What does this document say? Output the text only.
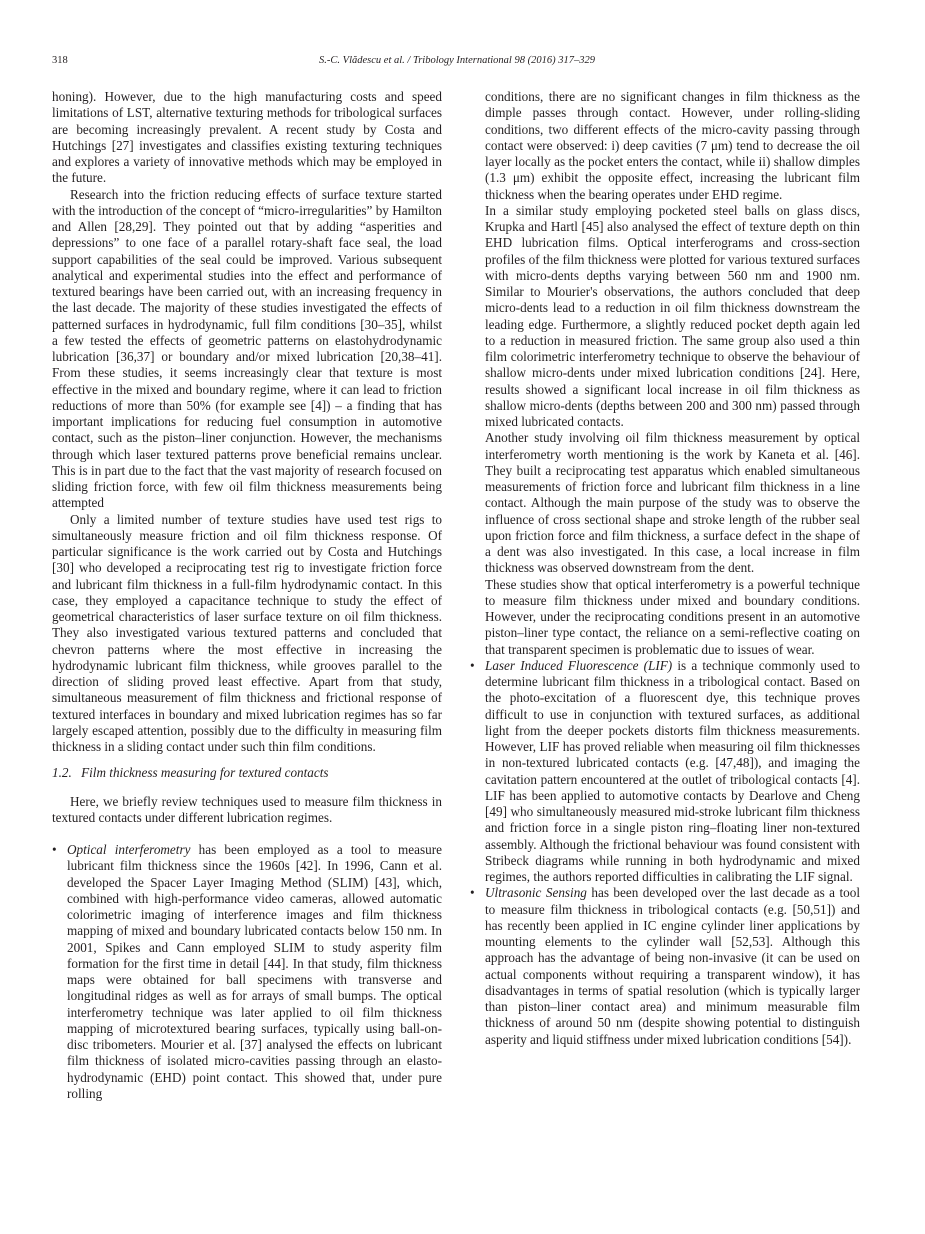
318	S.-C. Vlădescu et al. / Tribology International 98 (2016) 317–329

honing). However, due to the high manufacturing costs and speed limitations of LST, alternative texturing methods for tribological surfaces are becoming increasingly prevalent. A recent study by Costa and Hutchings [27] investigates and classifies existing texturing techniques and explores a variety of innovative methods which may be employed in the future.

Research into the friction reducing effects of surface texture started with the introduction of the concept of “micro-irregularities” by Hamilton and Allen [28,29]. They pointed out that by adding “asperities and depressions” to one face of a parallel rotary-shaft face seal, the load support capabilities of the seal could be improved. Various subsequent analytical and experimental studies into the effect and performance of textured bearings have been carried out, with an increasing frequency in the last decade. The majority of these studies investigated the effects of patterned surfaces in hydrodynamic, full film conditions [30–35], whilst a few tested the effects of geometric patterns on elastohydrodynamic lubrication [36,37] or boundary and/or mixed lubrication [20,38–41]. From these studies, it seems increasingly clear that texture is most effective in the mixed and boundary regime, where it can lead to friction reductions of more than 50% (for example see [4]) – a finding that has important implications for reducing fuel consumption in automotive contact, such as the piston–liner conjunction. However, the mechanisms through which laser textured patterns prove beneficial remains unclear. This is in part due to the fact that the vast majority of research focused on sliding friction force, with few oil film thickness measurements being attempted

Only a limited number of texture studies have used test rigs to simultaneously measure friction and oil film thickness response. Of particular significance is the work carried out by Costa and Hutchings [30] who developed a reciprocating test rig to investigate friction force and lubricant film thickness in a full-film hydrodynamic contact. In this case, they employed a capacitance technique to study the effect of geometrical characteristics of laser surface texture on oil film thickness. They also investigated various textured patterns and concluded that chevron patterns where the most effective in increasing the hydrodynamic lubricant film thickness, while grooves parallel to the direction of sliding proved least effective. Apart from that study, simultaneous measurement of film thickness and frictional response of textured interfaces in boundary and mixed lubrication regimes has so far largely escaped attention, possibly due to the difficulty in measuring film thickness in a sliding contact under such thin film conditions.

1.2. Film thickness measuring for textured contacts

Here, we briefly review techniques used to measure film thickness in textured contacts under different lubrication regimes.

• Optical interferometry has been employed as a tool to measure lubricant film thickness since the 1960s [42]. In 1996, Cann et al. developed the Spacer Layer Imaging Method (SLIM) [43], which, combined with high-performance video cameras, allowed automatic colorimetric imaging of interference images and film thickness mapping of mixed and boundary lubricated contacts below 150 nm. In 2001, Spikes and Cann employed SLIM to study asperity film formation for the first time in detail [44]. In that study, film thickness maps were obtained for ball specimens with transverse and longitudinal ridges as well as for arrays of small bumps. The optical interferometry technique was later applied to oil film thickness mapping of microtextured bearing surfaces, typically using ball-on-disc tribometers. Mourier et al. [37] analysed the effects on lubricant film thickness of isolated micro-cavities passing through an elasto-hydrodynamic (EHD) point contact. This showed that, under pure rolling

conditions, there are no significant changes in film thickness as the dimple passes through contact. However, under rolling-sliding conditions, two different effects of the micro-cavity passing through contact were observed: i) deep cavities (7 μm) tend to decrease the oil layer locally as the pocket enters the contact, while ii) shallow dimples (1.3 μm) exhibit the opposite effect, increasing the lubricant film thickness when the bearing operates under EHD regime.

In a similar study employing pocketed steel balls on glass discs, Krupka and Hartl [45] also analysed the effect of texture depth on thin EHD lubrication films. Optical interferograms and cross-section profiles of the film thickness were plotted for various textured surfaces with micro-dents depths varying between 560 nm and 1900 nm. Similar to Mourier's observations, the authors concluded that deep micro-dents lead to a reduction in oil film thickness downstream the leading edge. Furthermore, a slightly reduced pocket depth again led to a reduction in measured friction. The same group also used a thin film colorimetric interferometry technique to observe the behaviour of shallow micro-dents under mixed lubrication conditions [24]. Here, results showed a significant local increase in oil film thickness as shallow micro-dents (depths between 200 and 300 nm) passed through mixed lubricated contacts.

Another study involving oil film thickness measurement by optical interferometry worth mentioning is the work by Kaneta et al. [46]. They built a reciprocating test apparatus which enabled simultaneous measurements of friction force and lubricant film thickness in a line contact. Although the main purpose of the study was to observe the influence of cross sectional shape and stroke length of the rubber seal upon friction force and film thickness, a surface defect in the shape of a dent was also investigated. In this case, a local increase in film thickness was observed downstream from the dent.

These studies show that optical interferometry is a powerful technique to measure film thickness under mixed and boundary conditions. However, under the reciprocating conditions present in an automotive piston–liner type contact, the reliance on a semi-reflective coating on that transparent specimen is problematic due to issues of wear.

• Laser Induced Fluorescence (LIF) is a technique commonly used to determine lubricant film thickness in a tribological contact. Based on the photo-excitation of a fluorescent dye, this technique proves difficult to use in conjunction with textured surfaces, as additional light from the deeper pockets distorts film thickness measurements. However, LIF has proved reliable when measuring oil film thicknesses in non-textured lubricated contacts (e.g. [47,48]), and imaging the cavitation pattern encountered at the outlet of tribological contacts [4]. LIF has been applied to automotive contacts by Dearlove and Cheng [49] who simultaneously measured mid-stroke lubricant film thickness and friction force in a single piston ring–floating liner non-textured assembly. Although the frictional behaviour was found consistent with Stribeck diagrams while running in both hydrodynamic and mixed regimes, the authors reported difficulties in calibrating the LIF signal.

• Ultrasonic Sensing has been developed over the last decade as a tool to measure film thickness in tribological contacts (e.g. [50,51]) and has recently been applied in IC engine cylinder liner applications by mounting elements to the cylinder wall [52,53]. Although this approach has the advantage of being non-invasive (it can be used on actual components without requiring a transparent window), it has disadvantages in terms of spatial resolution (which is typically larger than piston–liner contact area) and minimum measurable film thickness of around 50 nm (despite showing potential to distinguish asperity and liquid stiffness under mixed lubrication conditions [54]).
